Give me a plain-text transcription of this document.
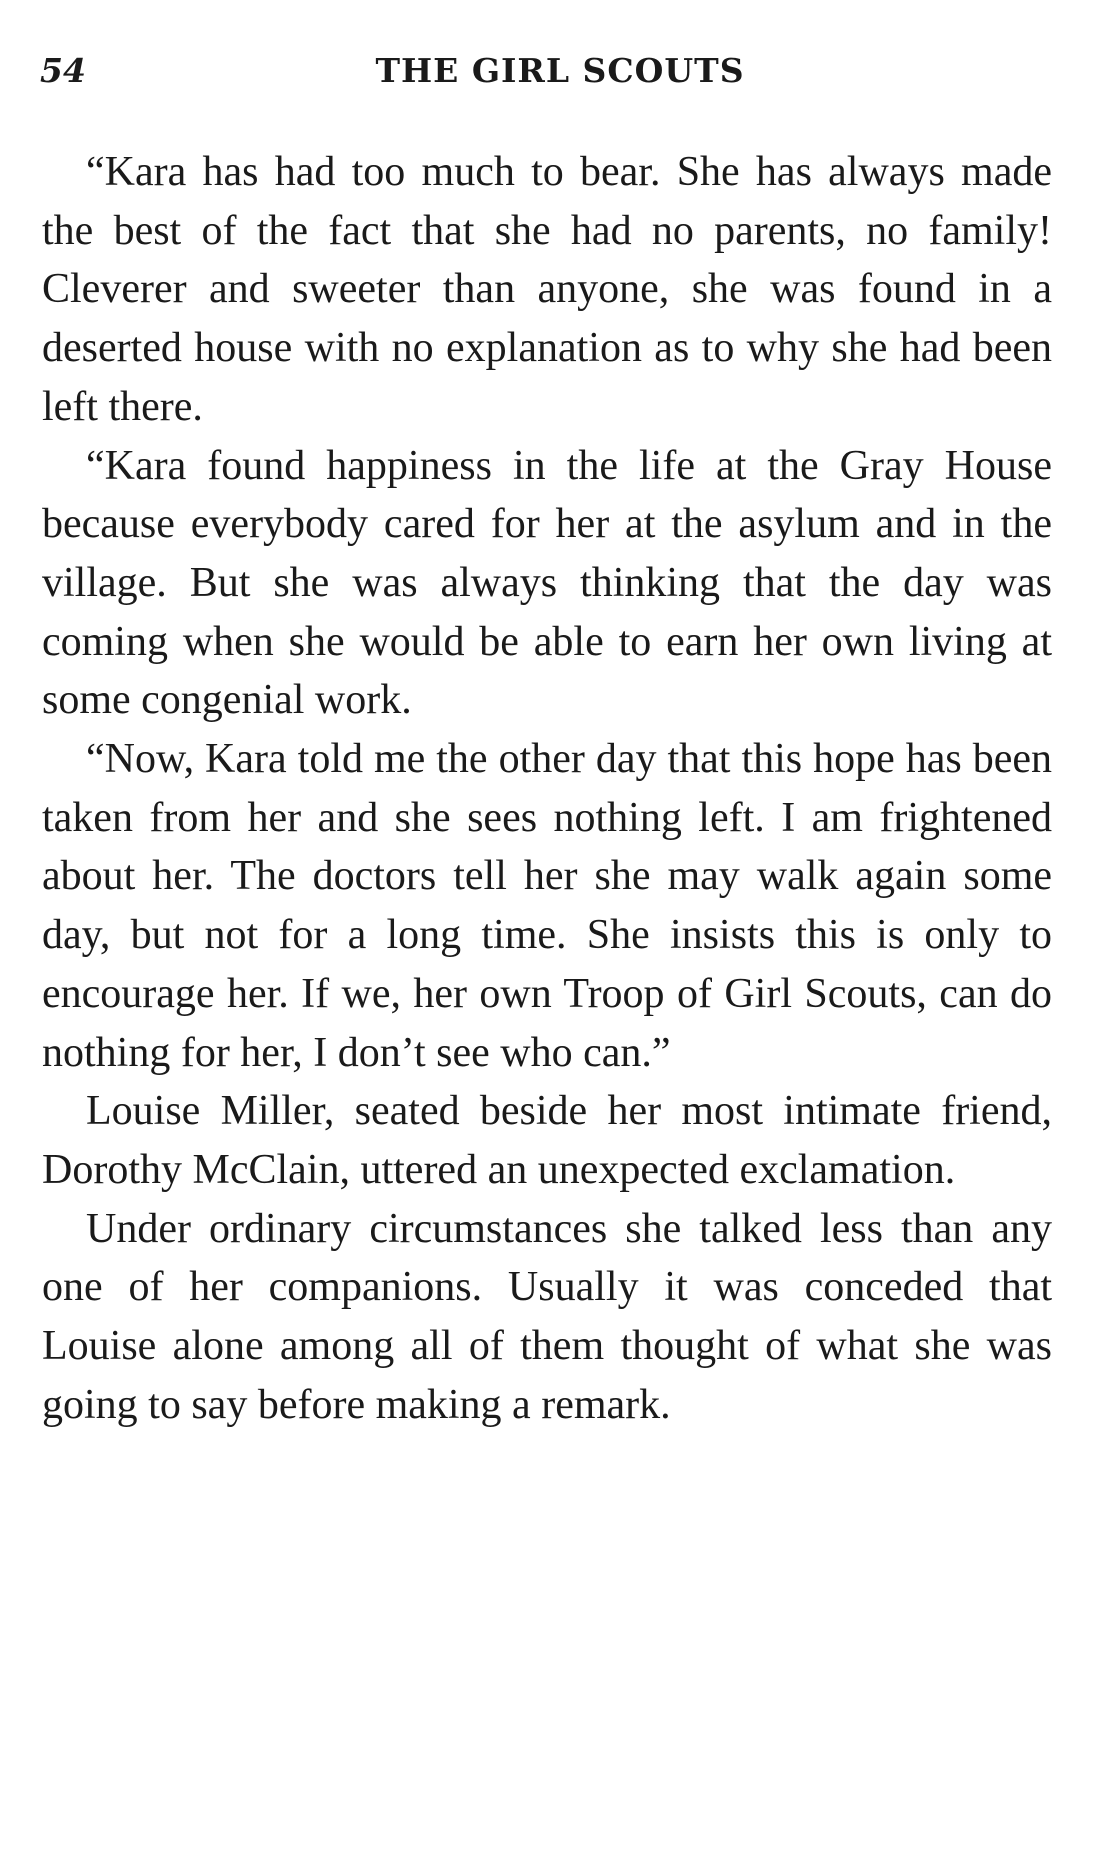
54	THE GIRL SCOUTS

“Kara has had too much to bear. She has always made the best of the fact that she had no parents, no family! Cleverer and sweeter than anyone, she was found in a deserted house with no explanation as to why she had been left there.

“Kara found happiness in the life at the Gray House because everybody cared for her at the asylum and in the village. But she was always thinking that the day was coming when she would be able to earn her own living at some congenial work.

“Now, Kara told me the other day that this hope has been taken from her and she sees nothing left. I am frightened about her. The doctors tell her she may walk again some day, but not for a long time. She insists this is only to encourage her. If we, her own Troop of Girl Scouts, can do nothing for her, I don’t see who can.”

Louise Miller, seated beside her most intimate friend, Dorothy McClain, uttered an unexpected exclamation.

Under ordinary circumstances she talked less than any one of her companions. Usually it was conceded that Louise alone among all of them thought of what she was going to say before making a remark.
